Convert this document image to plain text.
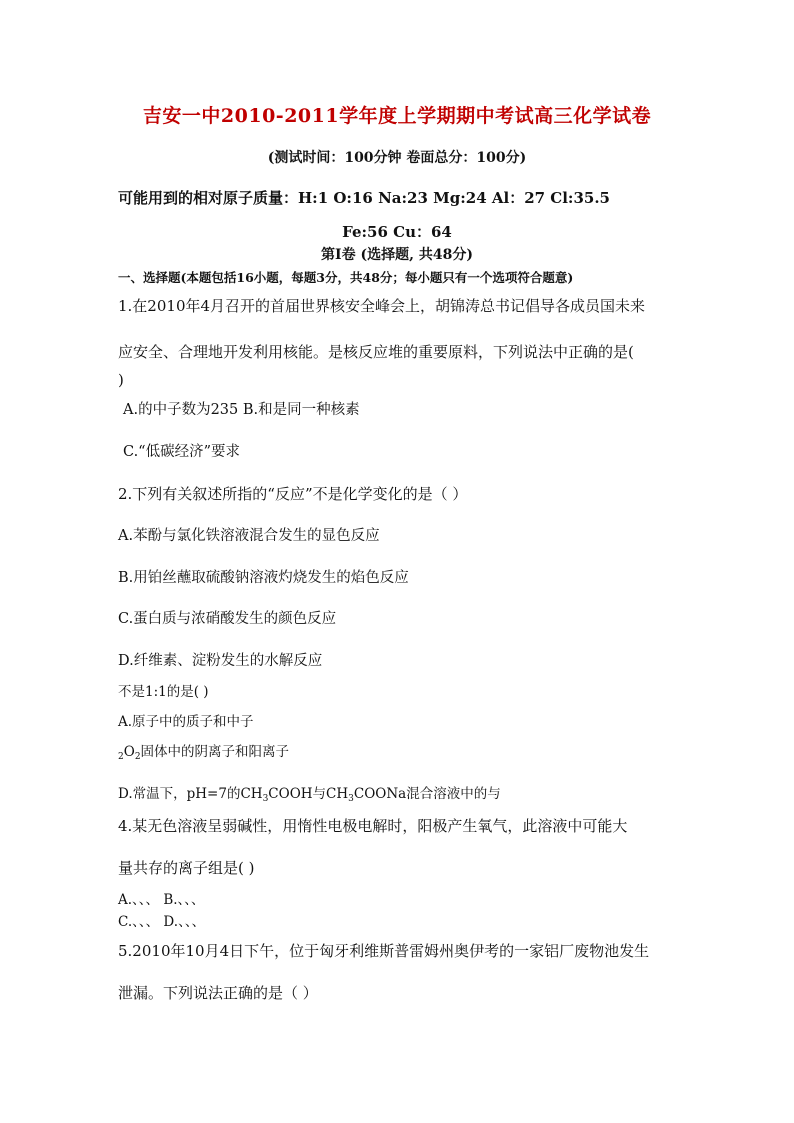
吉安一中2010-2011学年度上学期期中考试高三化学试卷
(测试时间：100分钟 卷面总分：100分)
可能用到的相对原子质量：H:1 O:16 Na:23 Mg:24 Al：27 Cl:35.5
Fe:56 Cu：64
第Ⅰ卷 (选择题, 共48分)
一、选择题(本题包括16小题，每题3分，共48分；每小题只有一个选项符合题意)
1.在2010年4月召开的首届世界核安全峰会上，胡锦涛总书记倡导各成员国未来
应安全、合理地开发利用核能。是核反应堆的重要原料，下列说法中正确的是(
)
A.的中子数为235 B.和是同一种核素
C.“低碳经济”要求
2.下列有关叙述所指的“反应”不是化学变化的是（ ）
A.苯酚与氯化铁溶液混合发生的显色反应
B.用铂丝蘸取硫酸钠溶液灼烧发生的焰色反应
C.蛋白质与浓硝酸发生的颜色反应
D.纤维素、淀粉发生的水解反应
不是1:1的是( )
A.原子中的质子和中子
$_2O_2$固体中的阴离子和阳离子
D.常温下，pH=7的$CH_3COOH$与$CH_3COONa$混合溶液中的与
4.某无色溶液呈弱碱性，用惰性电极电解时，阳极产生氧气，此溶液中可能大
量共存的离子组是( )
A.、、、 B.、、、
C.、、、 D.、、、
5.2010年10月4日下午，位于匈牙利维斯普雷姆州奥伊考的一家铝厂废物池发生
泄漏。下列说法正确的是（ ）
